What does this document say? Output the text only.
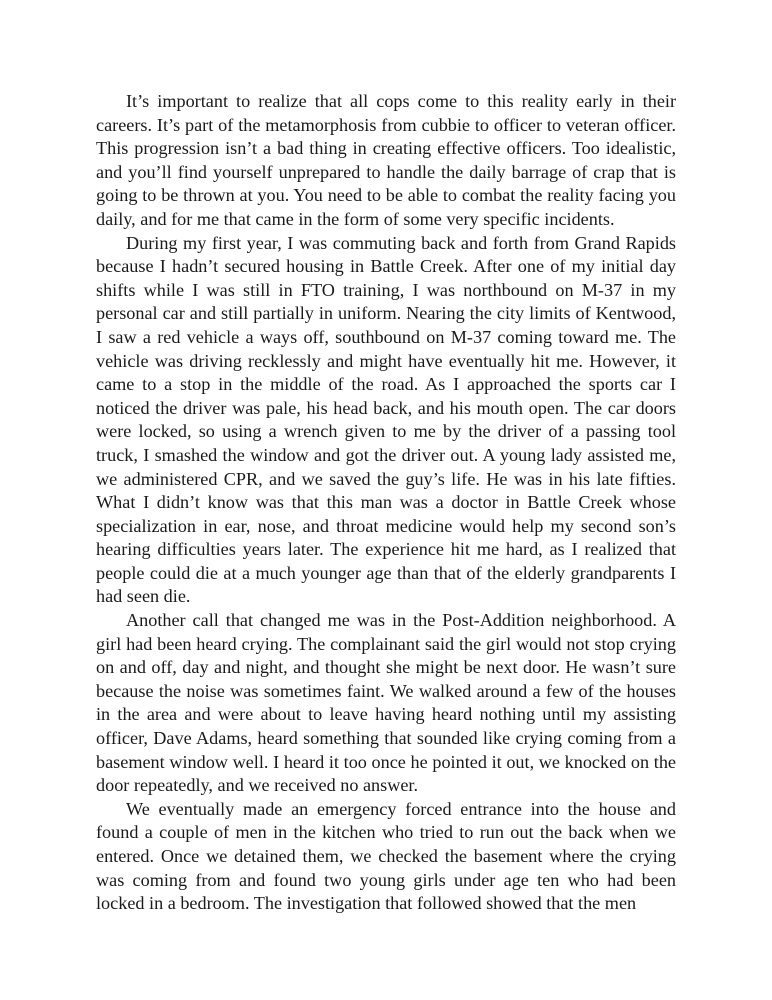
It’s important to realize that all cops come to this reality early in their careers. It’s part of the metamorphosis from cubbie to officer to veteran officer. This progression isn’t a bad thing in creating effective officers. Too idealistic, and you’ll find yourself unprepared to handle the daily barrage of crap that is going to be thrown at you. You need to be able to combat the reality facing you daily, and for me that came in the form of some very specific incidents.

During my first year, I was commuting back and forth from Grand Rapids because I hadn’t secured housing in Battle Creek. After one of my initial day shifts while I was still in FTO training, I was northbound on M-37 in my personal car and still partially in uniform. Nearing the city limits of Kentwood, I saw a red vehicle a ways off, southbound on M-37 coming toward me. The vehicle was driving recklessly and might have eventually hit me. However, it came to a stop in the middle of the road. As I approached the sports car I noticed the driver was pale, his head back, and his mouth open. The car doors were locked, so using a wrench given to me by the driver of a passing tool truck, I smashed the window and got the driver out. A young lady assisted me, we administered CPR, and we saved the guy’s life. He was in his late fifties. What I didn’t know was that this man was a doctor in Battle Creek whose specialization in ear, nose, and throat medicine would help my second son’s hearing difficulties years later. The experience hit me hard, as I realized that people could die at a much younger age than that of the elderly grandparents I had seen die.

Another call that changed me was in the Post-Addition neighborhood. A girl had been heard crying. The complainant said the girl would not stop crying on and off, day and night, and thought she might be next door. He wasn’t sure because the noise was sometimes faint. We walked around a few of the houses in the area and were about to leave having heard nothing until my assisting officer, Dave Adams, heard something that sounded like crying coming from a basement window well. I heard it too once he pointed it out, we knocked on the door repeatedly, and we received no answer.

We eventually made an emergency forced entrance into the house and found a couple of men in the kitchen who tried to run out the back when we entered. Once we detained them, we checked the basement where the crying was coming from and found two young girls under age ten who had been locked in a bedroom. The investigation that followed showed that the men
